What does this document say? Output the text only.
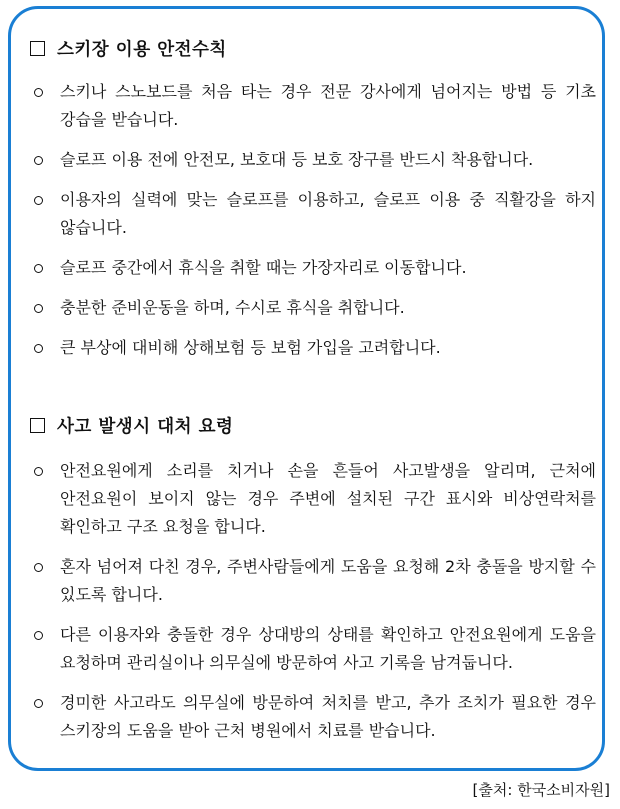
스키장 이용 안전수칙
스키나 스노보드를 처음 타는 경우 전문 강사에게 넘어지는 방법 등 기초 강습을 받습니다.
슬로프 이용 전에 안전모, 보호대 등 보호 장구를 반드시 착용합니다.
이용자의 실력에 맞는 슬로프를 이용하고, 슬로프 이용 중 직활강을 하지 않습니다.
슬로프 중간에서 휴식을 취할 때는 가장자리로 이동합니다.
충분한 준비운동을 하며, 수시로 휴식을 취합니다.
큰 부상에 대비해 상해보험 등 보험 가입을 고려합니다.
사고 발생시 대처 요령
안전요원에게 소리를 치거나 손을 흔들어 사고발생을 알리며, 근처에 안전요원이 보이지 않는 경우 주변에 설치된 구간 표시와 비상연락처를 확인하고 구조 요청을 합니다.
혼자 넘어져 다친 경우, 주변사람들에게 도움을 요청해 2차 충돌을 방지할 수 있도록 합니다.
다른 이용자와 충돌한 경우 상대방의 상태를 확인하고 안전요원에게 도움을 요청하며 관리실이나 의무실에 방문하여 사고 기록을 남겨둡니다.
경미한 사고라도 의무실에 방문하여 처치를 받고, 추가 조치가 필요한 경우 스키장의 도움을 받아 근처 병원에서 치료를 받습니다.
[출처: 한국소비자원]
